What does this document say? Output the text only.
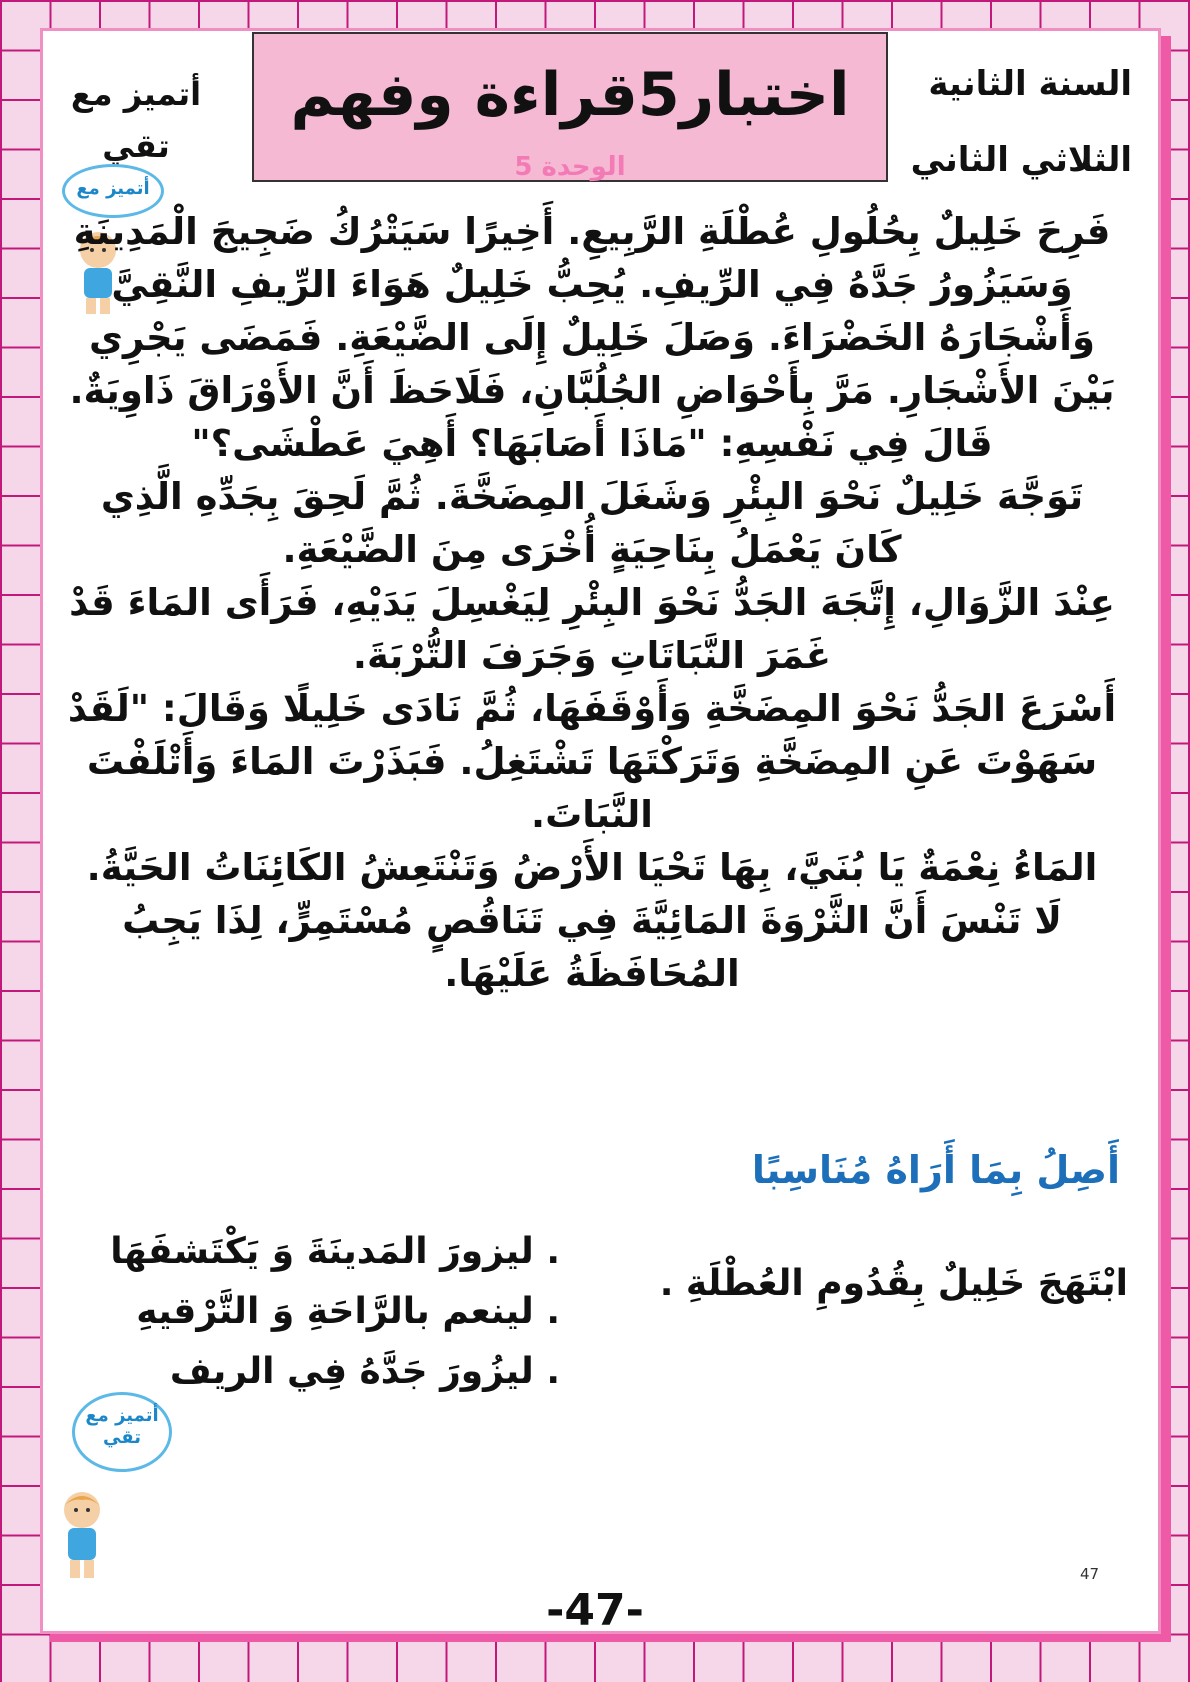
اختبار5قراءة وفهم
الوحدة 5
السنة الثانية
الثلاثي الثاني
أتميز مع تقي
أتميز مع

فَرِحَ خَلِيلٌ بِحُلُولِ عُطْلَةِ الرَّبِيعِ. أَخِيرًا سَيَتْرُكُ ضَجِيجَ الْمَدِينَةِ

وَسَيَزُورُ جَدَّهُ فِي الرِّيفِ. يُحِبُّ خَلِيلٌ هَوَاءَ الرِّيفِ النَّقِيَّ

وَأَشْجَارَهُ الخَضْرَاءَ. وَصَلَ خَلِيلٌ إِلَى الضَّيْعَةِ. فَمَضَى يَجْرِي

بَيْنَ الأَشْجَارِ. مَرَّ بِأَحْوَاضِ الجُلُبَّانِ، فَلَاحَظَ أَنَّ الأَوْرَاقَ ذَاوِيَةٌ.

قَالَ فِي نَفْسِهِ: "مَاذَا أَصَابَهَا؟ أَهِيَ عَطْشَى؟"

تَوَجَّهَ خَلِيلٌ نَحْوَ البِئْرِ وَشَغَلَ المِضَخَّةَ. ثُمَّ لَحِقَ بِجَدِّهِ الَّذِي

كَانَ يَعْمَلُ بِنَاحِيَةٍ أُخْرَى مِنَ الضَّيْعَةِ.

عِنْدَ الزَّوَالِ، إِتَّجَهَ الجَدُّ نَحْوَ البِئْرِ لِيَغْسِلَ يَدَيْهِ، فَرَأَى المَاءَ قَدْ

غَمَرَ النَّبَاتَاتِ وَجَرَفَ التُّرْبَةَ.

أَسْرَعَ الجَدُّ نَحْوَ المِضَخَّةِ وَأَوْقَفَهَا، ثُمَّ نَادَى خَلِيلًا وَقَالَ: "لَقَدْ

سَهَوْتَ عَنِ المِضَخَّةِ وَتَرَكْتَهَا تَشْتَغِلُ. فَبَذَرْتَ المَاءَ وَأَتْلَفْتَ

النَّبَاتَ.

المَاءُ نِعْمَةٌ يَا بُنَيَّ، بِهَا تَحْيَا الأَرْضُ وَتَنْتَعِشُ الكَائِنَاتُ الحَيَّةُ.

لَا تَنْسَ أَنَّ الثَّرْوَةَ المَائِيَّةَ فِي تَنَاقُصٍ مُسْتَمِرٍّ، لِذَا يَجِبُ

المُحَافَظَةُ عَلَيْهَا.

أَصِلُ بِمَا أَرَاهُ مُنَاسِبًا
ابْتَهَجَ خَلِيلٌ بِقُدُومِ العُطْلَةِ .
. ليزورَ المَدينَةَ وَ يَكْتَشفَهَا
. لينعم بالرَّاحَةِ وَ التَّرْقيهِ
. ليزُورَ جَدَّهُ فِي الريف
أتميز مع
تقي
47
-47-
